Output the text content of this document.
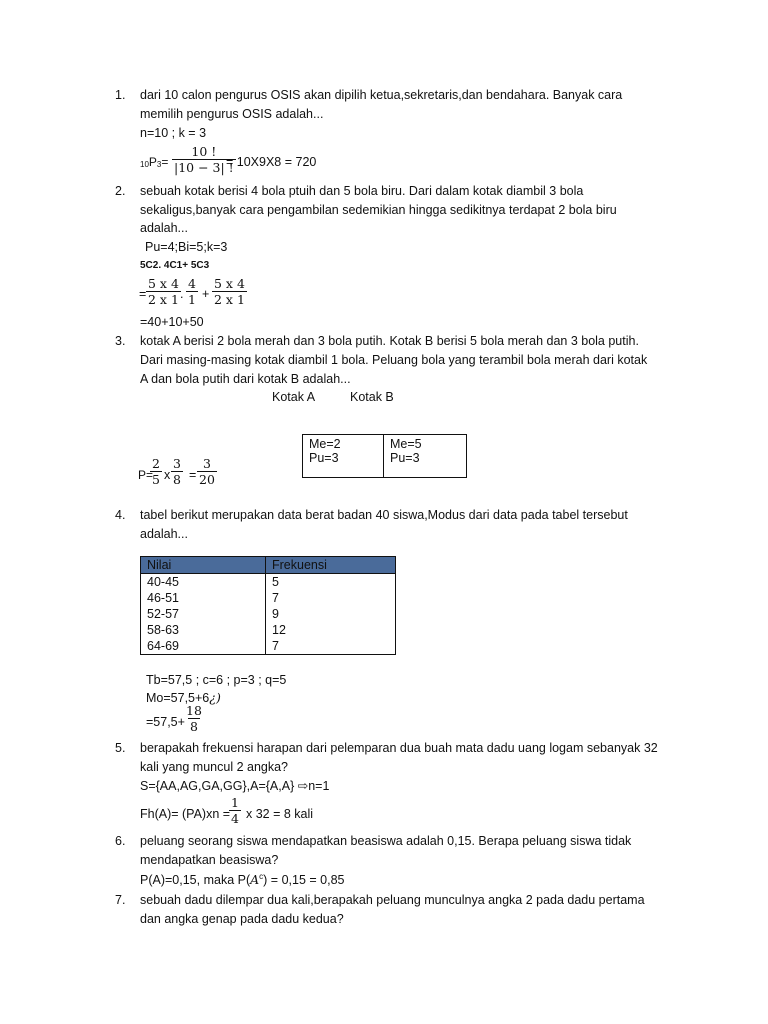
1. dari 10 calon pengurus OSIS akan dipilih ketua,sekretaris,dan bendahara. Banyak cara
memilih pengurus OSIS adalah...
n=10 ; k = 3
$_{10}P_3= \frac{10 !}{|10 - 3| !}$
= 10X9X8 = 720
2. sebuah kotak berisi 4 bola ptuih dan 5 bola biru. Dari dalam kotak diambil 3 bola
sekaligus,banyak cara pengambilan sedemikian hingga sedikitnya terdapat 2 bola biru
adalah...
Pu=4;Bi=5;k=3
5C2. 4C1+ 5C3
= $\frac{5 x 4}{2 x 1}$ . $\frac{4}{1} + \frac{5 x 4}{2 x 1}$
=40+10+50
3. kotak A berisi 2 bola merah dan 3 bola putih. Kotak B berisi 5 bola merah dan 3 bola putih.
Dari masing-masing kotak diambil 1 bola. Peluang bola yang terambil bola merah dari kotak
A dan bola putih dari kotak B adalah...
Kotak A	Kotak B
Me=2
Pu=3

Me=5
Pu=3
P=
$\frac{2}{5}$ x $\frac{3}{8} = \frac{3}{20}$
4. tabel berikut merupakan data berat badan 40 siswa,Modus dari data pada tabel tersebut
adalah...
Nilai	Frekuensi
40-45	5
46-51	7
52-57	9
58-63	12
64-69	7
Tb=57,5 ; c=6 ; p=3 ; q=5
Mo=57,5+6¿)
$=57,5+ \frac{18}{8}$
5. berapakah frekuensi harapan dari pelemparan dua buah mata dadu uang logam sebanyak 32
kali yang muncul 2 angka?
S={AA,AG,GA,GG},A={A,A} ⇨n=1
Fh(A)= (PA)xn =
$\frac{1}{4}$ x 32 = 8 kali
6. peluang seorang siswa mendapatkan beasiswa adalah 0,15. Berapa peluang siswa tidak
mendapatkan beasiswa?
P(A)=0,15, maka $P(A^c) = 0,15 = 0,85$
7. sebuah dadu dilempar dua kali,berapakah peluang munculnya angka 2 pada dadu pertama
dan angka genap pada dadu kedua?
